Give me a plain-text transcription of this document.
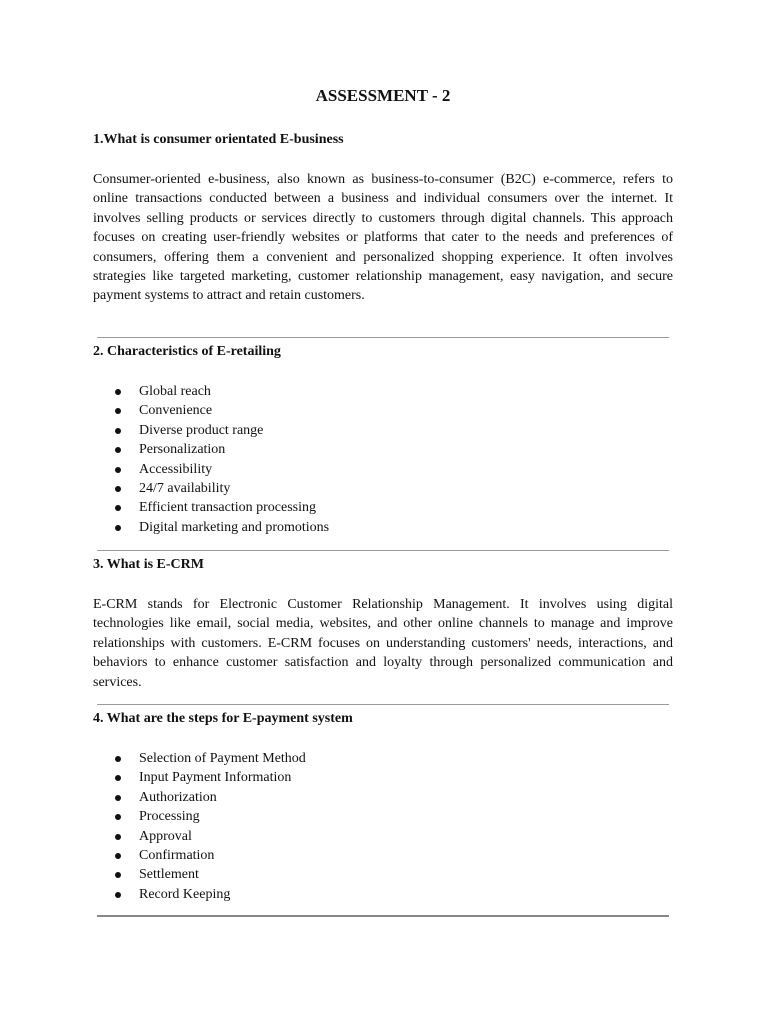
ASSESSMENT - 2
1.What is consumer orientated E-business
Consumer-oriented e-business, also known as business-to-consumer (B2C) e-commerce, refers to online transactions conducted between a business and individual consumers over the internet. It involves selling products or services directly to customers through digital channels. This approach focuses on creating user-friendly websites or platforms that cater to the needs and preferences of consumers, offering them a convenient and personalized shopping experience. It often involves strategies like targeted marketing, customer relationship management, easy navigation, and secure payment systems to attract and retain customers.
2. Characteristics of E-retailing
Global reach
Convenience
Diverse product range
Personalization
Accessibility
24/7 availability
Efficient transaction processing
Digital marketing and promotions
3. What is E-CRM
E-CRM stands for Electronic Customer Relationship Management. It involves using digital technologies like email, social media, websites, and other online channels to manage and improve relationships with customers. E-CRM focuses on understanding customers' needs, interactions, and behaviors to enhance customer satisfaction and loyalty through personalized communication and services.
4. What are the steps for E-payment system
Selection of Payment Method
Input Payment Information
Authorization
Processing
Approval
Confirmation
Settlement
Record Keeping
